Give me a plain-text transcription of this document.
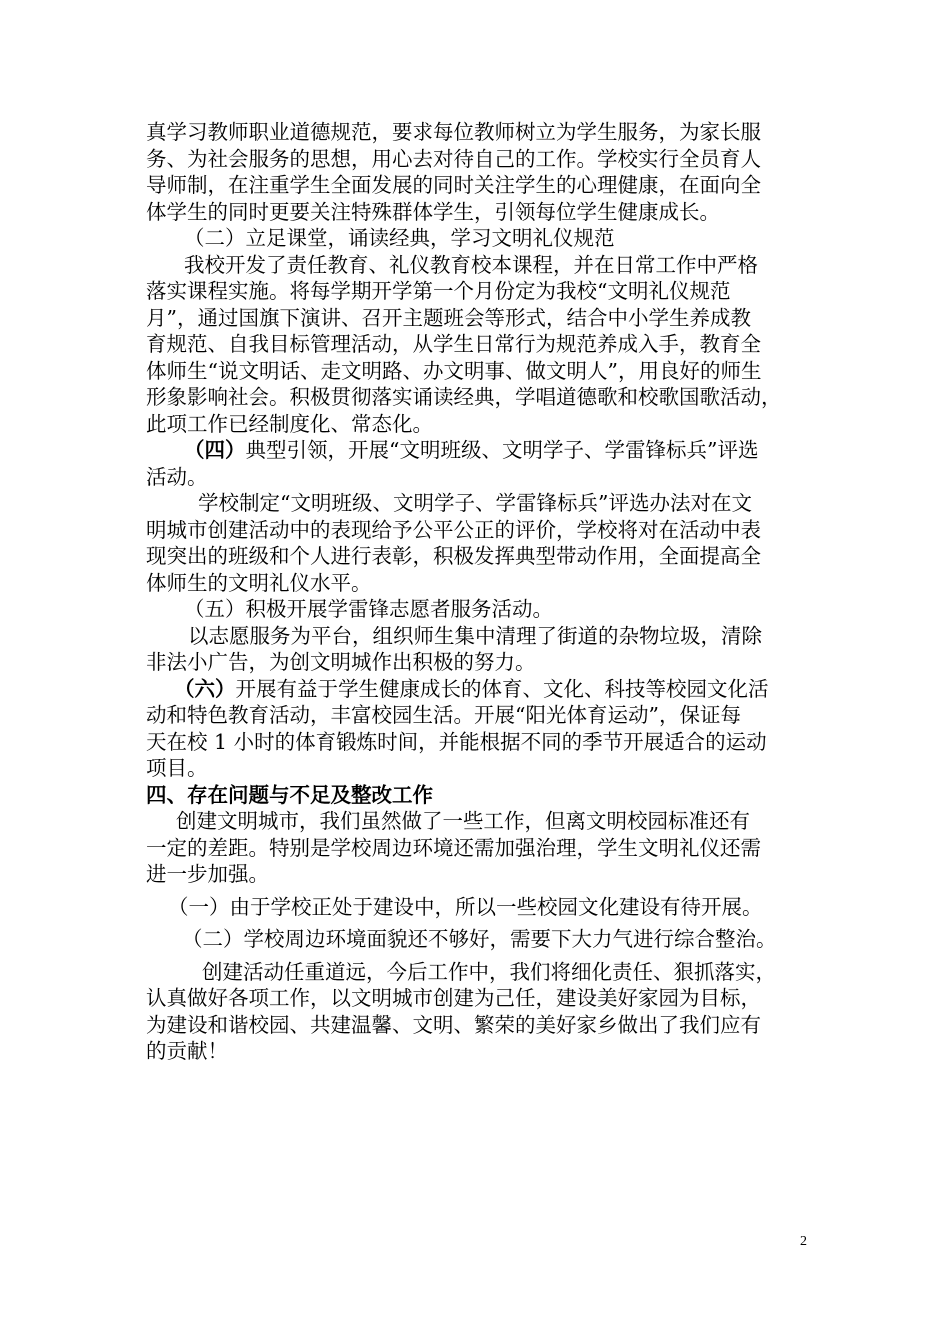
真学习教师职业道德规范，要求每位教师树立为学生服务，为家长服
务、为社会服务的思想，用心去对待自己的工作。学校实行全员育人
导师制，在注重学生全面发展的同时关注学生的心理健康，在面向全
体学生的同时更要关注特殊群体学生，引领每位学生健康成长。
（二）立足课堂，诵读经典，学习文明礼仪规范
我校开发了责任教育、礼仪教育校本课程，并在日常工作中严格
落实课程实施。将每学期开学第一个月份定为我校“文明礼仪规范
月”，通过国旗下演讲、召开主题班会等形式，结合中小学生养成教
育规范、自我目标管理活动，从学生日常行为规范养成入手，教育全
体师生“说文明话、走文明路、办文明事、做文明人”，用良好的师生
形象影响社会。积极贯彻落实诵读经典，学唱道德歌和校歌国歌活动，
此项工作已经制度化、常态化。
（四）典型引领，开展“文明班级、文明学子、学雷锋标兵”评选
活动。
学校制定“文明班级、文明学子、学雷锋标兵”评选办法对在文
明城市创建活动中的表现给予公平公正的评价，学校将对在活动中表
现突出的班级和个人进行表彰，积极发挥典型带动作用，全面提高全
体师生的文明礼仪水平。
（五）积极开展学雷锋志愿者服务活动。
以志愿服务为平台，组织师生集中清理了街道的杂物垃圾，清除
非法小广告，为创文明城作出积极的努力。
（六）开展有益于学生健康成长的体育、文化、科技等校园文化活
动和特色教育活动，丰富校园生活。开展“阳光体育运动”，保证每
天在校 1 小时的体育锻炼时间，并能根据不同的季节开展适合的运动
项目。
四、存在问题与不足及整改工作
创建文明城市，我们虽然做了一些工作，但离文明校园标准还有
一定的差距。特别是学校周边环境还需加强治理，学生文明礼仪还需
进一步加强。
（一）由于学校正处于建设中，所以一些校园文化建设有待开展。
（二）学校周边环境面貌还不够好，需要下大力气进行综合整治。
创建活动任重道远，今后工作中，我们将细化责任、狠抓落实，
认真做好各项工作，以文明城市创建为己任，建设美好家园为目标，
为建设和谐校园、共建温馨、文明、繁荣的美好家乡做出了我们应有
的贡献！
2
